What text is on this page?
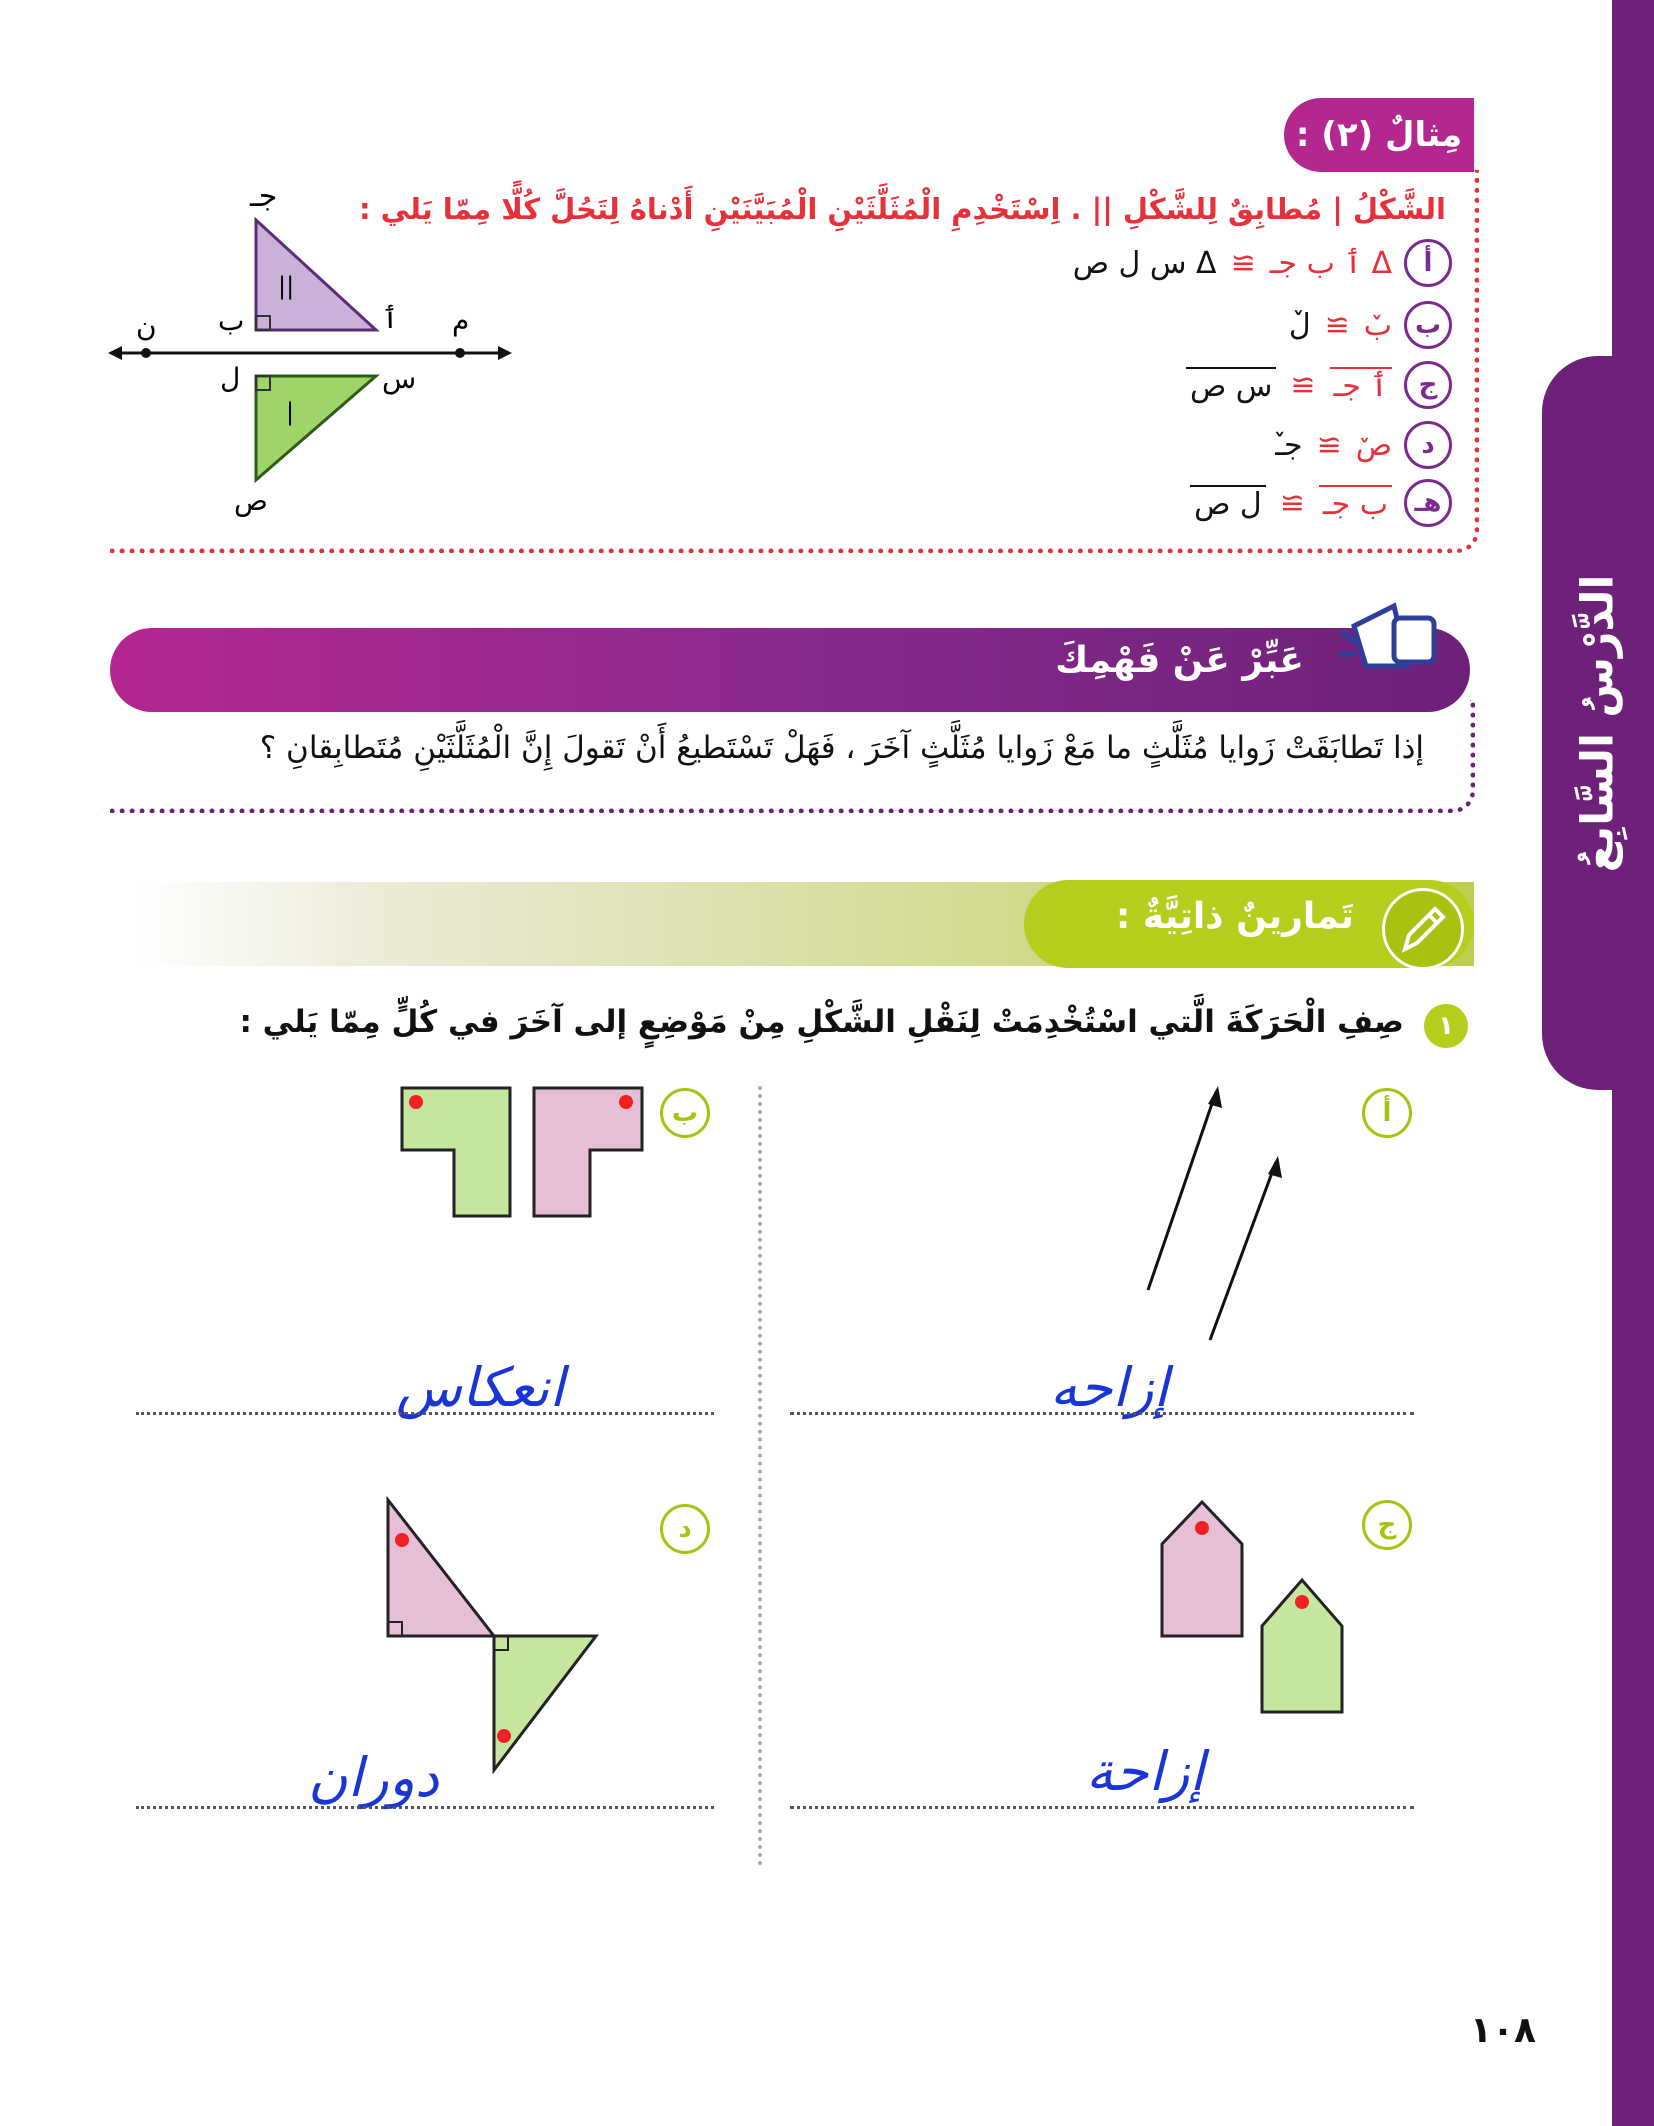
الدَّرْسُ السَّابِعُ
مِثالٌ (٢) :
الشَّكْلُ | مُطابِقٌ لِلشَّكْلِ || . اِسْتَخْدِمِ الْمُثَلَّثَيْنِ الْمُبَيَّنَيْنِ أَدْناهُ لِتَحُلَّ كُلًّا مِمّا يَلي :
أ
Δ ٲ ب جـ
≅
Δ س ل ص
ب
بٚ
≅
لٚ
ج
ٲ جـ
≅
س ص
د
صٚ
≅
جـٚ
هـ
ب جـ
≅
ل ص
جـ
ن ب	ٲ م
ل	س
ص
||
|
عَبِّرْ عَنْ فَهْمِكَ
إذا تَطابَقَتْ زَوايا مُثَلَّثٍ ما مَعْ زَوايا مُثَلَّثٍ آخَرَ ، فَهَلْ تَسْتَطيعُ أَنْ تَقولَ إِنَّ الْمُثَلَّثَيْنِ مُتَطابِقانِ ؟
تَمارينٌ ذاتِيَّةٌ :
١
صِفِ الْحَرَكَةَ الَّتي اسْتُخْدِمَتْ لِنَقْلِ الشَّكْلِ مِنْ مَوْضِعٍ إلى آخَرَ في كُلٍّ مِمّا يَلي :
أ
إزاحه
ب
انعكاس
ج
إزاحة
د
دوران
١٠٨
